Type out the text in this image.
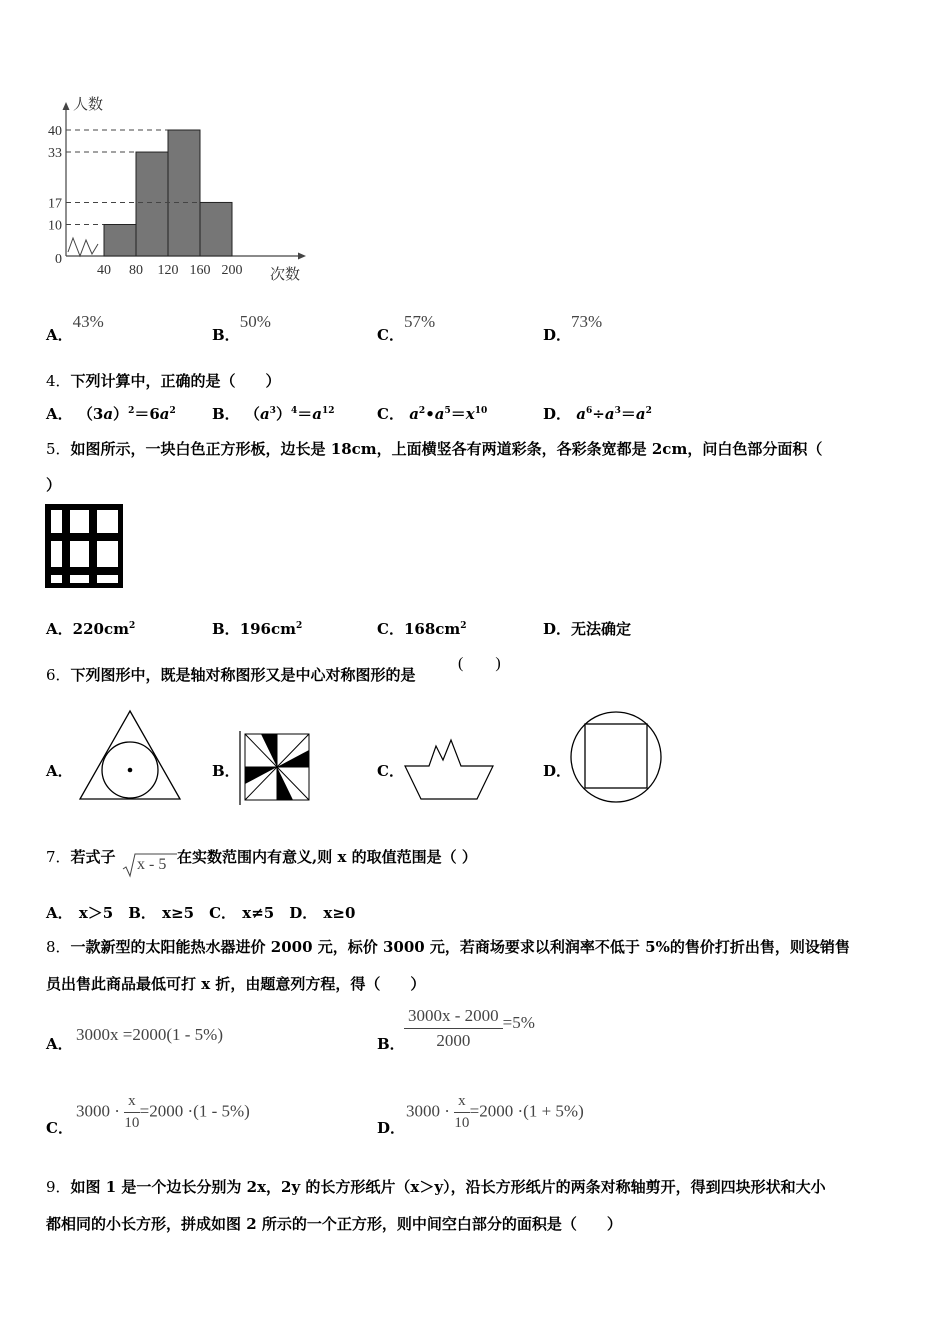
0
10
17
33
40
40 80 120 160 200
人数
次数
A．43%
B．50%
C．57%
D．73%
4．下列计算中，正确的是（　　）
A． $(3a)^2=6a^2$ B． $(a^3)^4=a^{12}$	C． $a^2•a^5=x^{10}$	D． $a^6\div a^3=a^2$
5．如图所示，一块白色正方形板，边长是 18cm，上面横竖各有两道彩条，各彩条宽都是 2cm，问白色部分面积（
）
A．$220cm^2$	B．$196cm^2$	C．$168cm^2$	D．无法确定
6．下列图形中，既是轴对称图形又是中心对称图形的是
(　　)
A．	B．	C．	D．
7．若式子 x - 5 在实数范围内有意义,则 x 的取值范围是（ ）
A． x＞5　B． x≥5　C． x≠5　D． x≥0
8．一款新型的太阳能热水器进价 2000 元，标价 3000 元，若商场要求以利润率不低于 5%的售价打折出售，则设销售
员出售此商品最低可打 x 折，由题意列方程，得（　　）
A． 3000x =2000(1 - 5%)	B． $\frac{3000x - 2000}{2000} =5\%$
C．
$3000 \cdot \frac{x}{10} =2000 \cdot(1 - 5\%)$
D．
$3000 \cdot \frac{x}{10} =2000 \cdot(1 + 5\%)$
9．如图 1 是一个边长分别为 2x，2y 的长方形纸片（x＞y），沿长方形纸片的两条对称轴剪开，得到四块形状和大小
都相同的小长方形，拼成如图 2 所示的一个正方形，则中间空白部分的面积是（　　）
